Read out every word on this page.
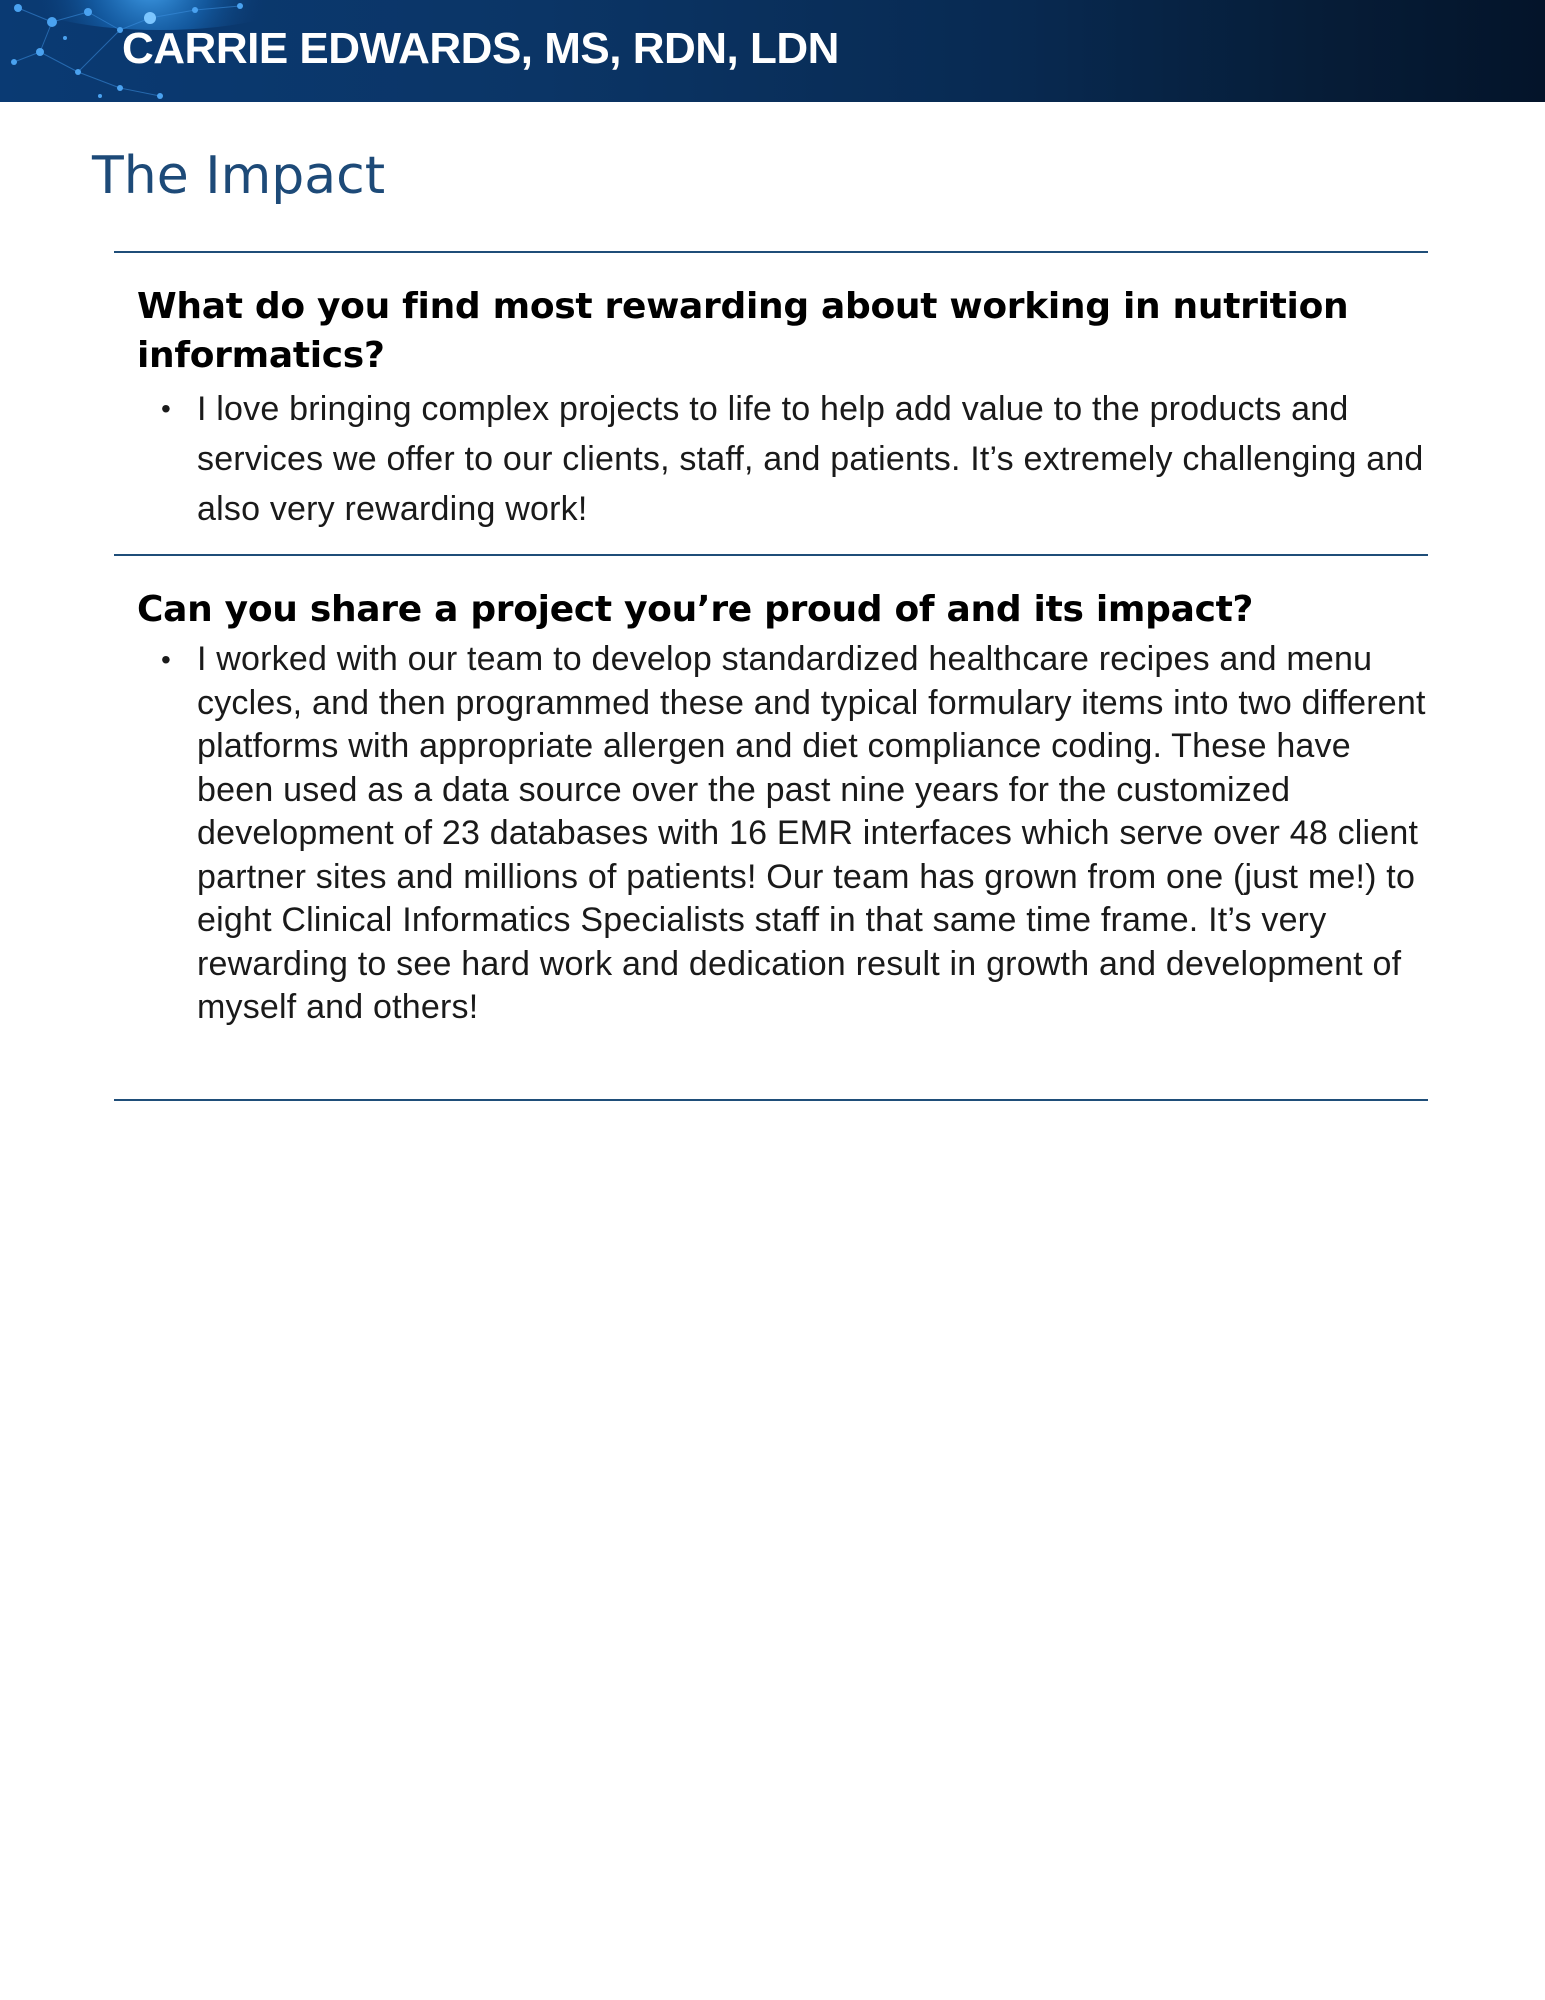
CARRIE EDWARDS, MS, RDN, LDN
The Impact
What do you find most rewarding about working in nutrition informatics?
• I love bringing complex projects to life to help add value to the products and services we offer to our clients, staff, and patients. It’s extremely challenging and also very rewarding work!
Can you share a project you’re proud of and its impact?
• I worked with our team to develop standardized healthcare recipes and menu cycles, and then programmed these and typical formulary items into two different platforms with appropriate allergen and diet compliance coding. These have been used as a data source over the past nine years for the customized development of 23 databases with 16 EMR interfaces which serve over 48 client partner sites and millions of patients! Our team has grown from one (just me!) to eight Clinical Informatics Specialists staff in that same time frame. It’s very rewarding to see hard work and dedication result in growth and development of myself and others!
